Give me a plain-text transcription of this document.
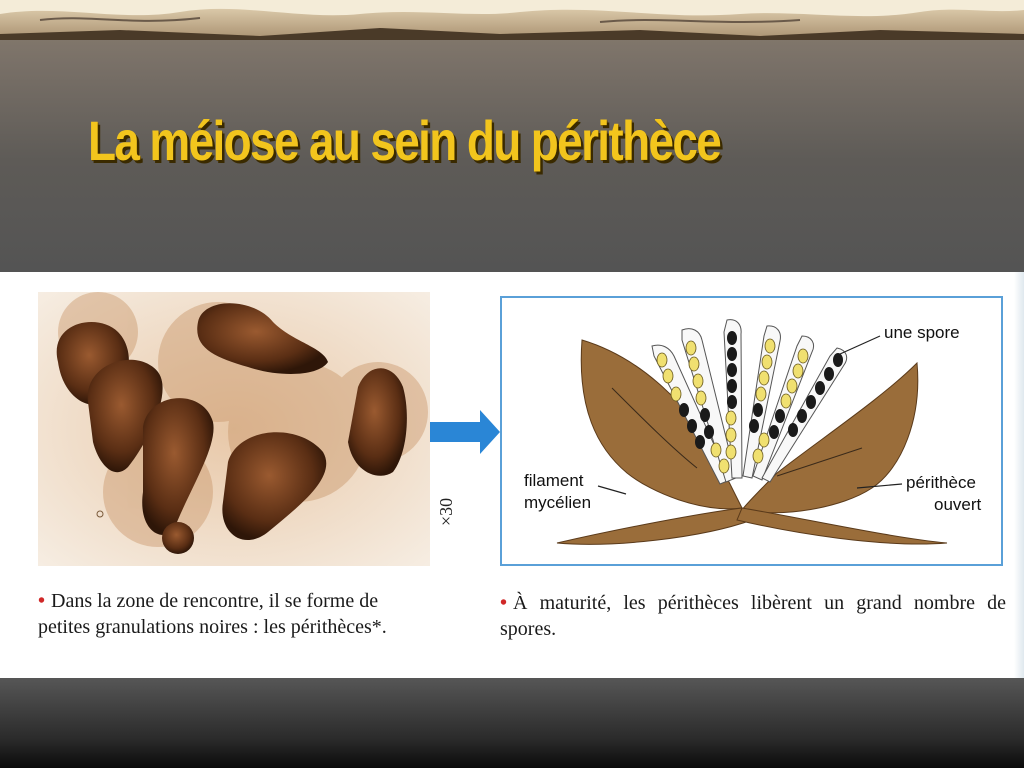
La méiose au sein du périthèce
×30
une spore
filament
mycélien
périthèce
ouvert
• Dans la zone de rencontre, il se forme de petites granulations noires : les périthèces*.
• À maturité, les périthèces libèrent un grand nombre de spores.
